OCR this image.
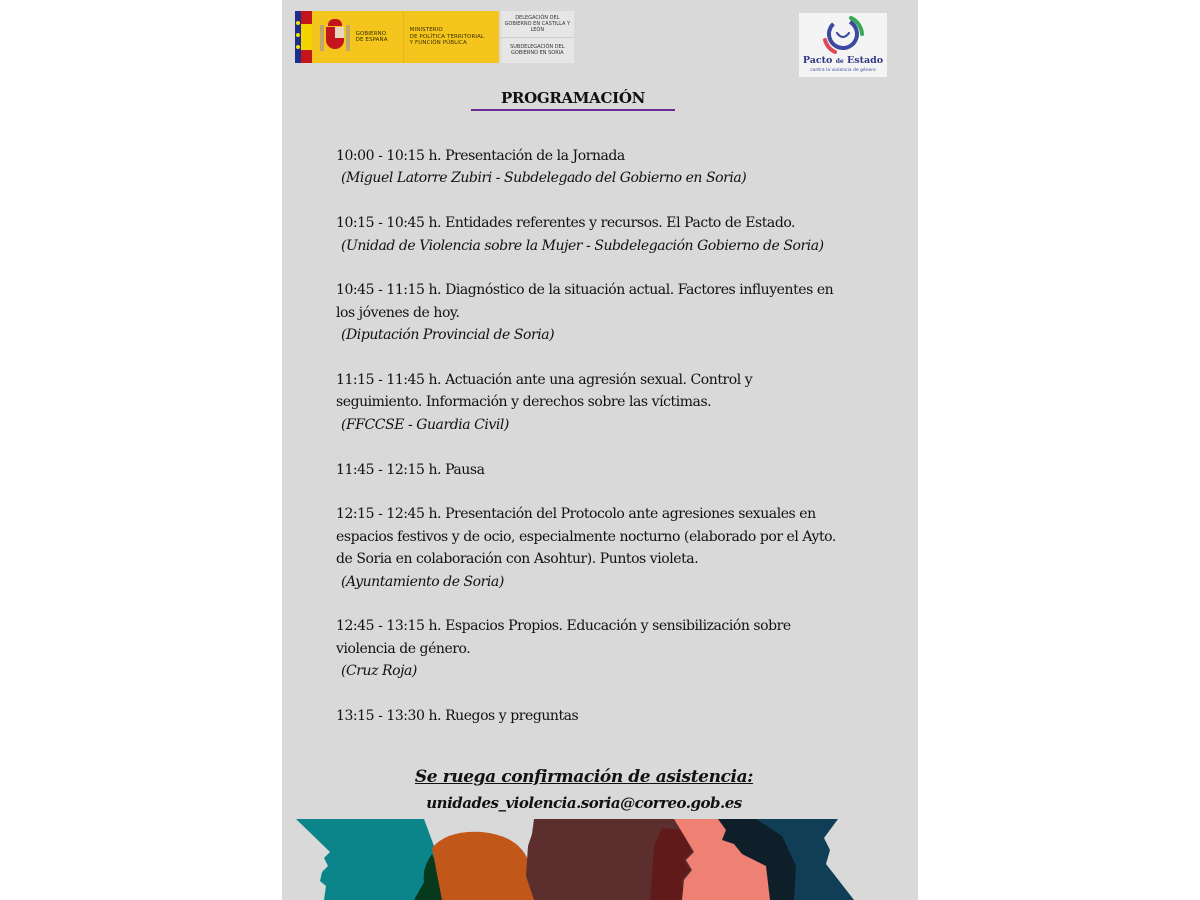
GOBIERNO
DE ESPAÑA
MINISTERIO
DE POLÍTICA TERRITORIAL
Y FUNCIÓN PÚBLICA
DELEGACIÓN DEL GOBIERNO EN CASTILLA Y LEÓN
SUBDELEGACIÓN DEL GOBIERNO EN SORIA
Pacto de Estado
contra la violencia de género
PROGRAMACIÓN
10:00 - 10:15 h. Presentación de la Jornada
(Miguel Latorre Zubiri - Subdelegado del Gobierno en Soria)
10:15 - 10:45 h. Entidades referentes y recursos. El Pacto de Estado.
(Unidad de Violencia sobre la Mujer - Subdelegación Gobierno de Soria)
10:45 - 11:15 h. Diagnóstico de la situación actual. Factores influyentes en los jóvenes de hoy.
(Diputación Provincial de Soria)
11:15 - 11:45 h. Actuación ante una agresión sexual. Control y seguimiento. Información y derechos sobre las víctimas.
(FFCCSE - Guardia Civil)
11:45 - 12:15 h. Pausa
12:15 - 12:45 h. Presentación del Protocolo ante agresiones sexuales en espacios festivos y de ocio, especialmente nocturno (elaborado por el Ayto. de Soria en colaboración con Asohtur). Puntos violeta.
(Ayuntamiento de Soria)
12:45 - 13:15 h. Espacios Propios. Educación y sensibilización sobre violencia de género.
(Cruz Roja)
13:15 - 13:30 h. Ruegos y preguntas
Se ruega confirmación de asistencia:
unidades_violencia.soria@correo.gob.es
